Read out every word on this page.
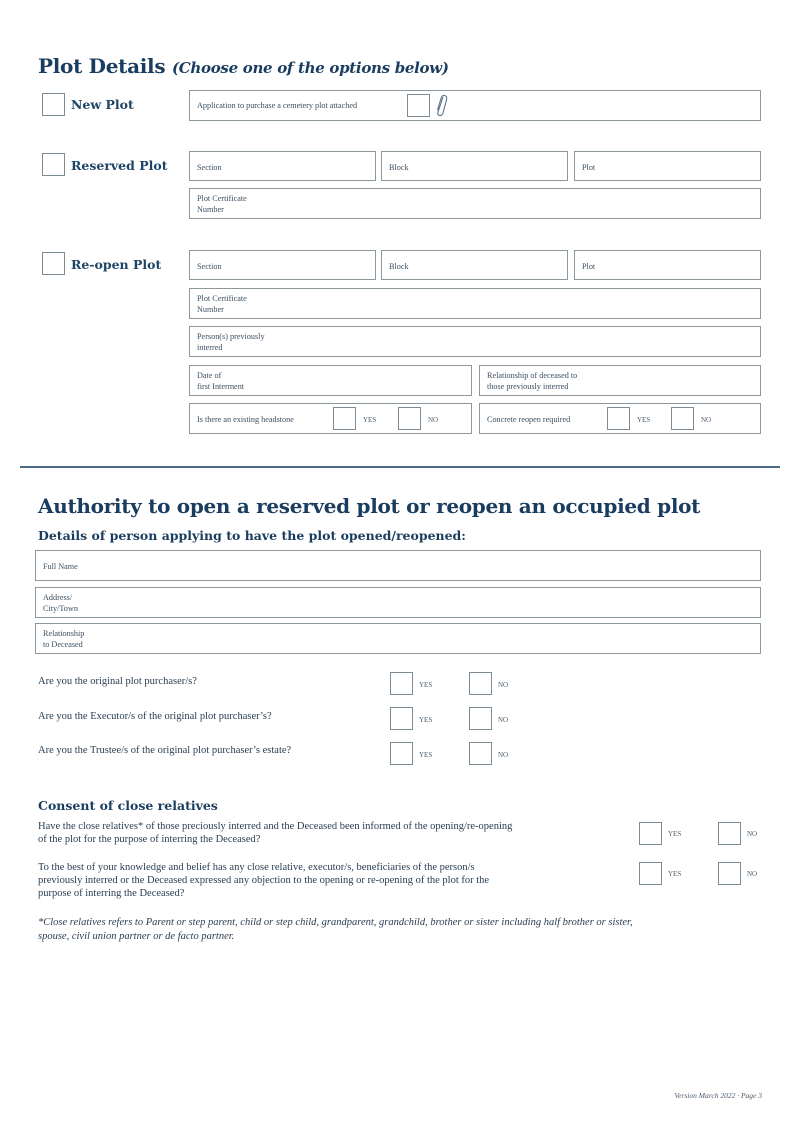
Plot Details (Choose one of the options below)
New Plot	Application to purchase a cemetery plot attached
Reserved Plot	Section	Block	Plot
Plot Certificate
Number
Re-open Plot	Section	Block	Plot
Plot Certificate
Number
Person(s) previously
interred
Date of
first Interment
Relationship of deceased to
those previously interred
Is there an existing headstone	YES	NO	Concrete reopen required	YES	NO
Authority to open a reserved plot or reopen an occupied plot
Details of person applying to have the plot opened/reopened:
Full Name
Address/
City/Town
Relationship
to Deceased
Are you the original plot purchaser/s?	YES	NO
Are you the Executor/s of the original plot purchaser’s?	YES	NO
Are you the Trustee/s of the original plot purchaser’s estate?	YES	NO
Consent of close relatives
Have the close relatives* of those preciously interred and the Deceased been informed of the opening/re-opening
of the plot for the purpose of interring the Deceased?	YES	NO
To the best of your knowledge and belief has any close relative, executor/s, beneficiaries of the person/s
previously interred or the Deceased expressed any objection to the opening or re-opening of the plot for the
purpose of interring the Deceased?
YES	NO
*Close relatives refers to Parent or step parent, child or step child, grandparent, grandchild, brother or sister including half brother or sister,
spouse, civil union partner or de facto partner.
Version March 2022 · Page 3
